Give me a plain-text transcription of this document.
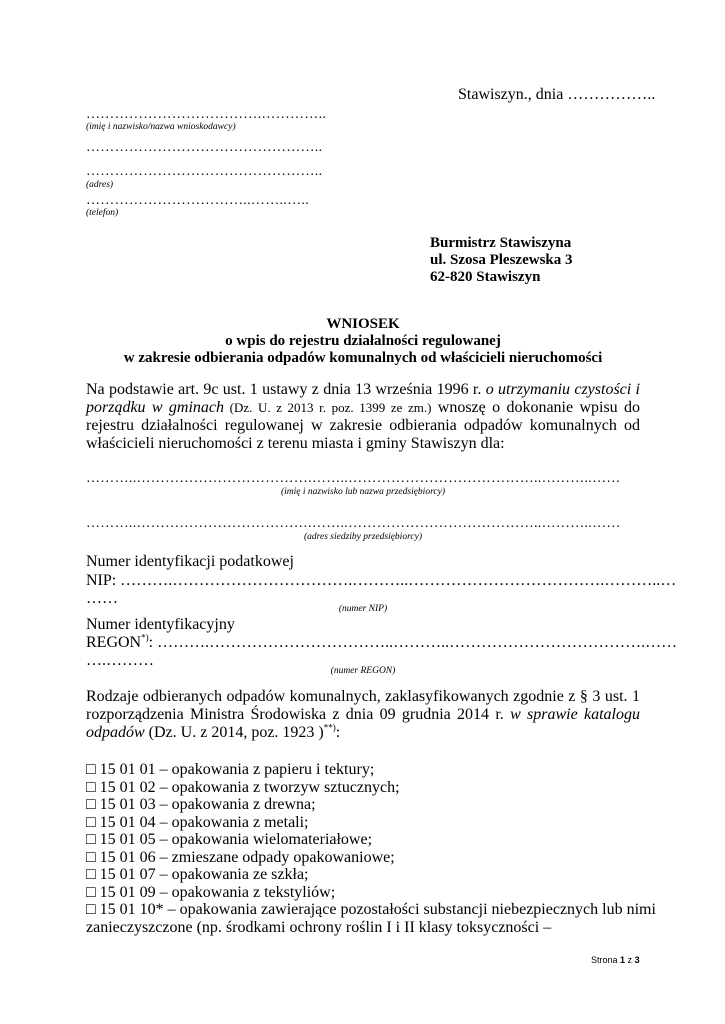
Stawiszyn., dnia ……………..
……………………………….…………..
(imię i nazwisko/nazwa wnioskodawcy)
…………………………………………..
…………………………………………..
(adres)
……………………………..……..…..
(telefon)
Burmistrz Stawiszyna
ul. Szosa Pleszewska 3
62-820 Stawiszyn
WNIOSEK
o wpis do rejestru działalności regulowanej
w zakresie odbierania odpadów komunalnych od właścicieli nieruchomości
Na podstawie art. 9c ust. 1 ustawy z dnia 13 września 1996 r. o utrzymaniu czystości i porządku w gminach (Dz. U. z 2013 r. poz. 1399 ze zm.) wnoszę o dokonanie wpisu do rejestru działalności regulowanej w zakresie odbierania odpadów komunalnych od właścicieli nieruchomości z terenu miasta i gminy Stawiszyn dla:
………..……………………………….……..…………………………………..………..……
(imię i nazwisko lub nazwa przedsiębiorcy)
………..……………………………….……..…………………………………..………..……
(adres siedziby przedsiębiorcy)
Numer identyfikacji podatkowej
NIP: ……….…………………………….………..……………………………….………..…
……
(numer NIP)
Numer identyfikacyjny
REGON*): ……….……………………………..………..……………………………….……
….………
(numer REGON)
Rodzaje odbieranych odpadów komunalnych, zaklasyfikowanych zgodnie z § 3 ust. 1 rozporządzenia Ministra Środowiska z dnia 09 grudnia 2014 r. w sprawie katalogu odpadów (Dz. U. z 2014, poz. 1923 )**):
□ 15 01 01 – opakowania z papieru i tektury;
□ 15 01 02 – opakowania z tworzyw sztucznych;
□ 15 01 03 – opakowania z drewna;
□ 15 01 04 – opakowania z metali;
□ 15 01 05 – opakowania wielomateriałowe;
□ 15 01 06 – zmieszane odpady opakowaniowe;
□ 15 01 07 – opakowania ze szkła;
□ 15 01 09 – opakowania z tekstyliów;
□ 15 01 10* – opakowania zawierające pozostałości substancji niebezpiecznych lub nimi
zanieczyszczone (np. środkami ochrony roślin I i II klasy toksyczności –
Strona 1 z 3
